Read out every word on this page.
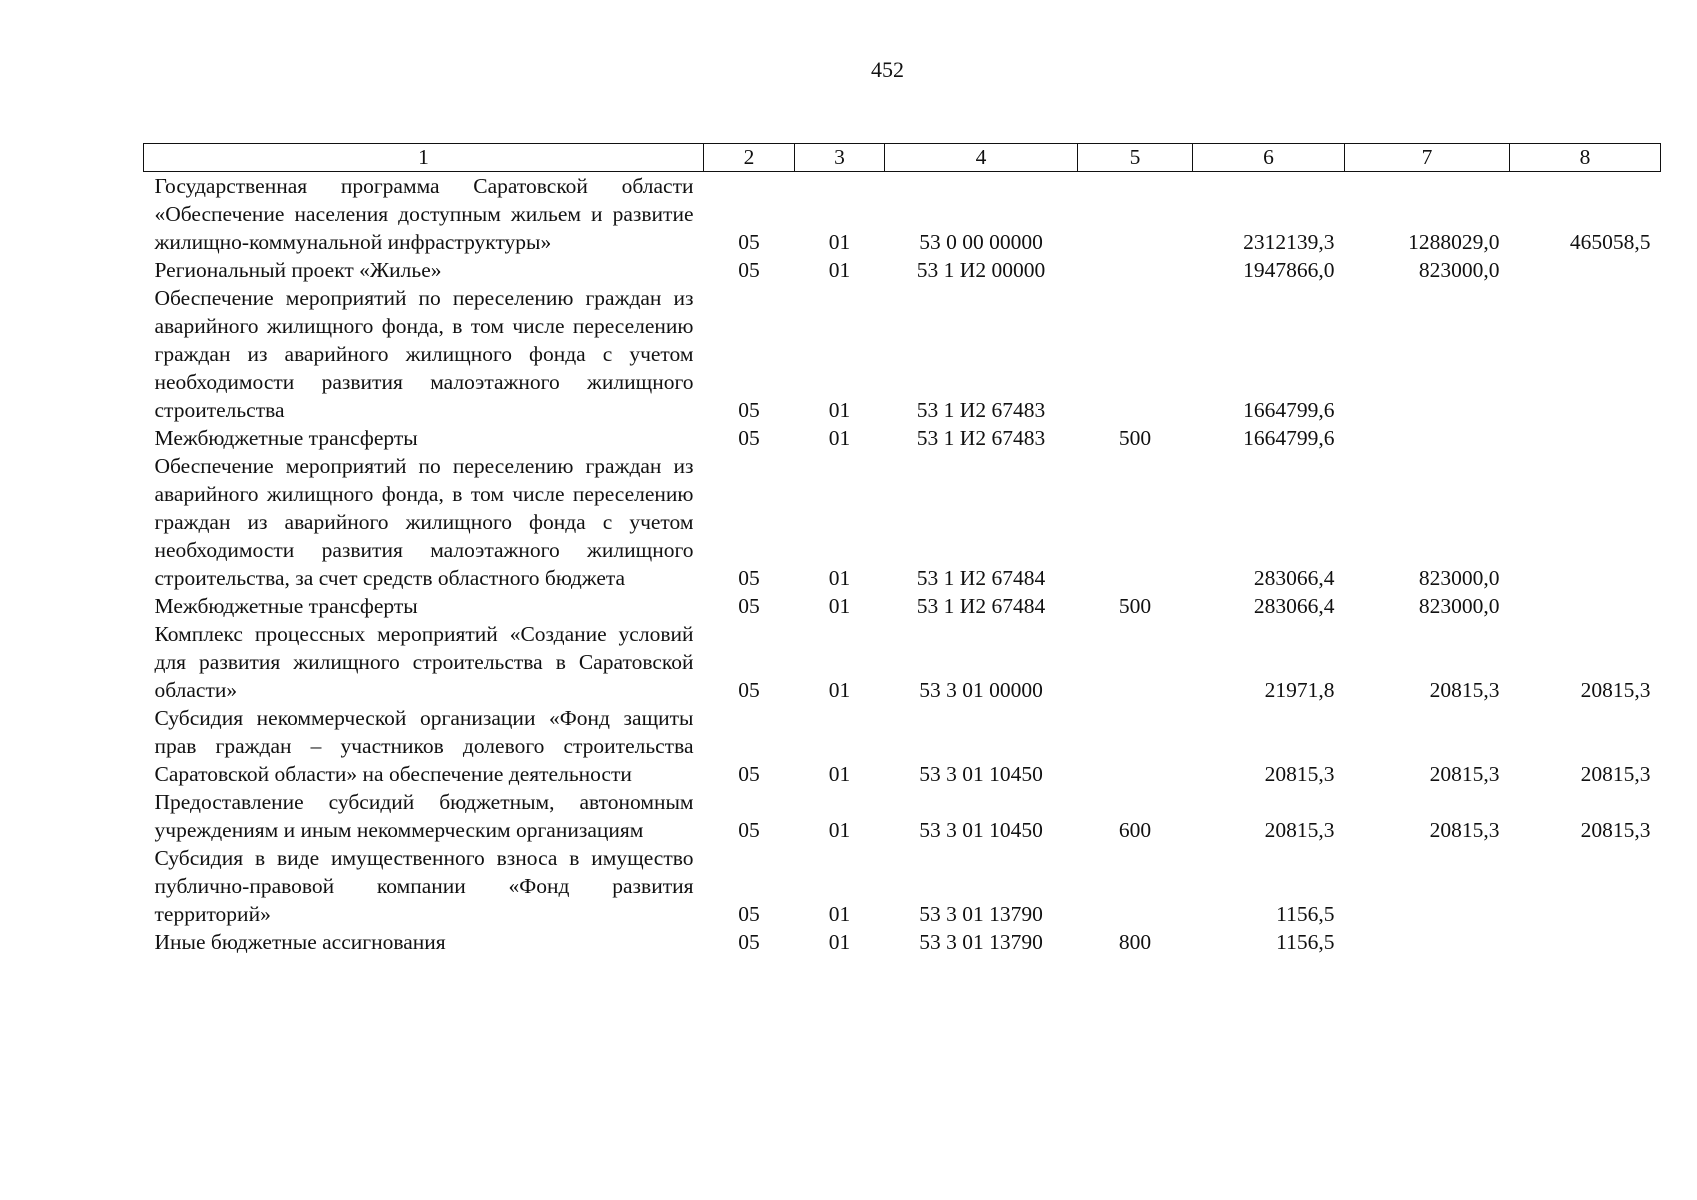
452
1	2	3	4	5	6	7	8
Государственная программа Саратовской области «Обеспечение населения доступным жильем и развитие жилищно-коммунальной инфраструктуры»	05	01	53 0 00 00000		2312139,3	1288029,0	465058,5
Региональный проект «Жилье»	05	01	53 1 И2 00000		1947866,0	823000,0	
Обеспечение мероприятий по переселению граждан из аварийного жилищного фонда, в том числе переселению граждан из аварийного жилищного фонда с учетом необходимости развития малоэтажного жилищного строительства	05	01	53 1 И2 67483		1664799,6		
Межбюджетные трансферты	05	01	53 1 И2 67483	500	1664799,6		
Обеспечение мероприятий по переселению граждан из аварийного жилищного фонда, в том числе переселению граждан из аварийного жилищного фонда с учетом необходимости развития малоэтажного жилищного строительства, за счет средств областного бюджета	05	01	53 1 И2 67484		283066,4	823000,0	
Межбюджетные трансферты	05	01	53 1 И2 67484	500	283066,4	823000,0	
Комплекс процессных мероприятий «Создание условий для развития жилищного строительства в Саратовской области»	05	01	53 3 01 00000		21971,8	20815,3	20815,3
Субсидия некоммерческой организации «Фонд защиты прав граждан – участников долевого строительства Саратовской области» на обеспечение деятельности	05	01	53 3 01 10450		20815,3	20815,3	20815,3
Предоставление субсидий бюджетным, автономным учреждениям и иным некоммерческим организациям	05	01	53 3 01 10450	600	20815,3	20815,3	20815,3
Субсидия в виде имущественного взноса в имущество публично-правовой компании «Фонд развития территорий»	05	01	53 3 01 13790		1156,5		
Иные бюджетные ассигнования	05	01	53 3 01 13790	800	1156,5		
